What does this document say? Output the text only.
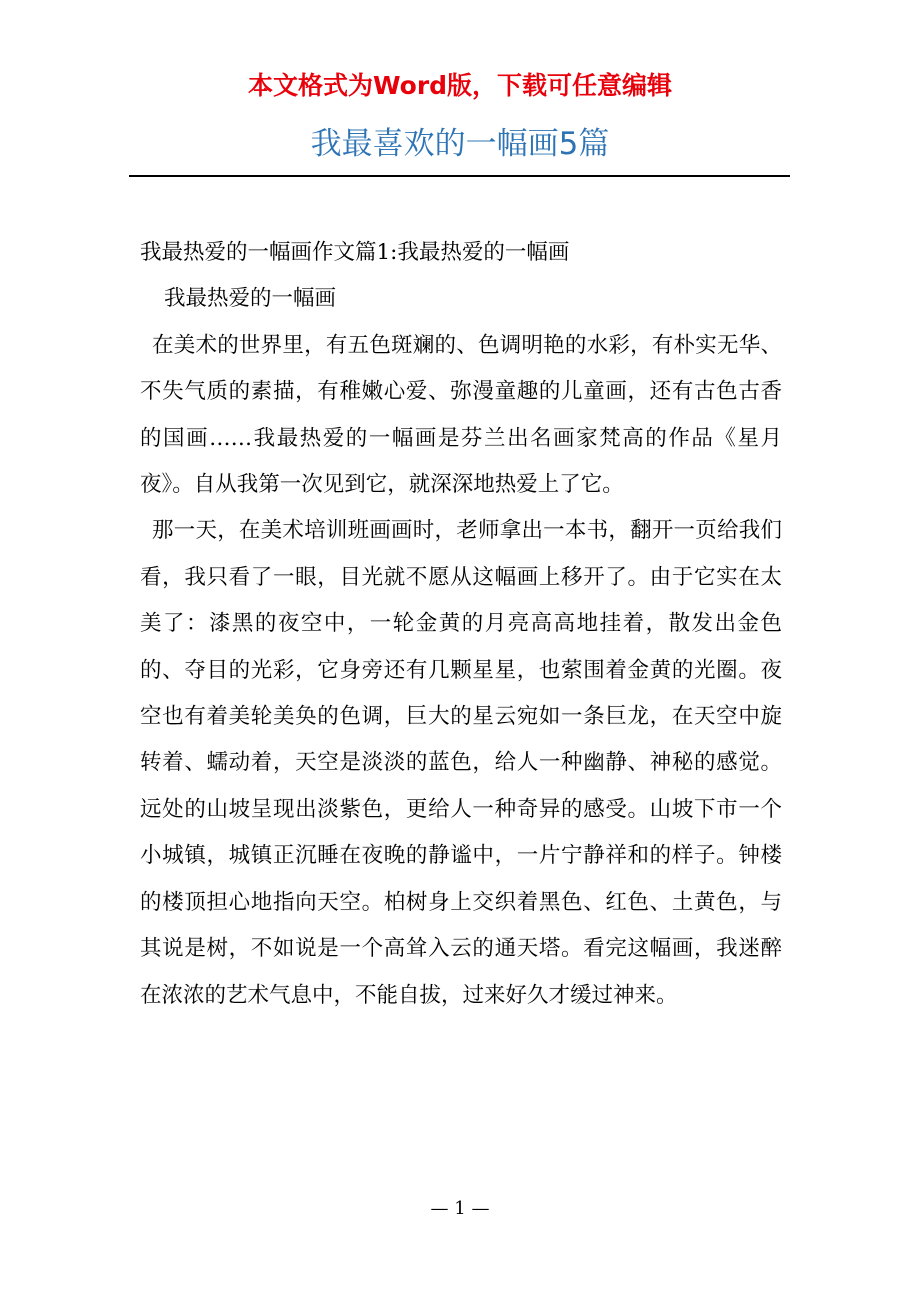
本文格式为Word版，下载可任意编辑
我最喜欢的一幅画5篇

我最热爱的一幅画作文篇1:我最热爱的一幅画

我最热爱的一幅画

在美术的世界里，有五色斑斓的、色调明艳的水彩，有朴实无华、不失气质的素描，有稚嫩心爱、弥漫童趣的儿童画，还有古色古香的国画……我最热爱的一幅画是芬兰出名画家梵高的作品《星月夜》。自从我第一次见到它，就深深地热爱上了它。

那一天，在美术培训班画画时，老师拿出一本书，翻开一页给我们看，我只看了一眼，目光就不愿从这幅画上移开了。由于它实在太美了：漆黑的夜空中，一轮金黄的月亮高高地挂着，散发出金色的、夺目的光彩，它身旁还有几颗星星，也萦围着金黄的光圈。夜空也有着美轮美奂的色调，巨大的星云宛如一条巨龙，在天空中旋转着、蠕动着，天空是淡淡的蓝色，给人一种幽静、神秘的感觉。远处的山坡呈现出淡紫色，更给人一种奇异的感受。山坡下市一个小城镇，城镇正沉睡在夜晚的静谧中，一片宁静祥和的样子。钟楼的楼顶担心地指向天空。柏树身上交织着黑色、红色、土黄色，与其说是树，不如说是一个高耸入云的通天塔。看完这幅画，我迷醉在浓浓的艺术气息中，不能自拔，过来好久才缓过神来。

— 1 —
